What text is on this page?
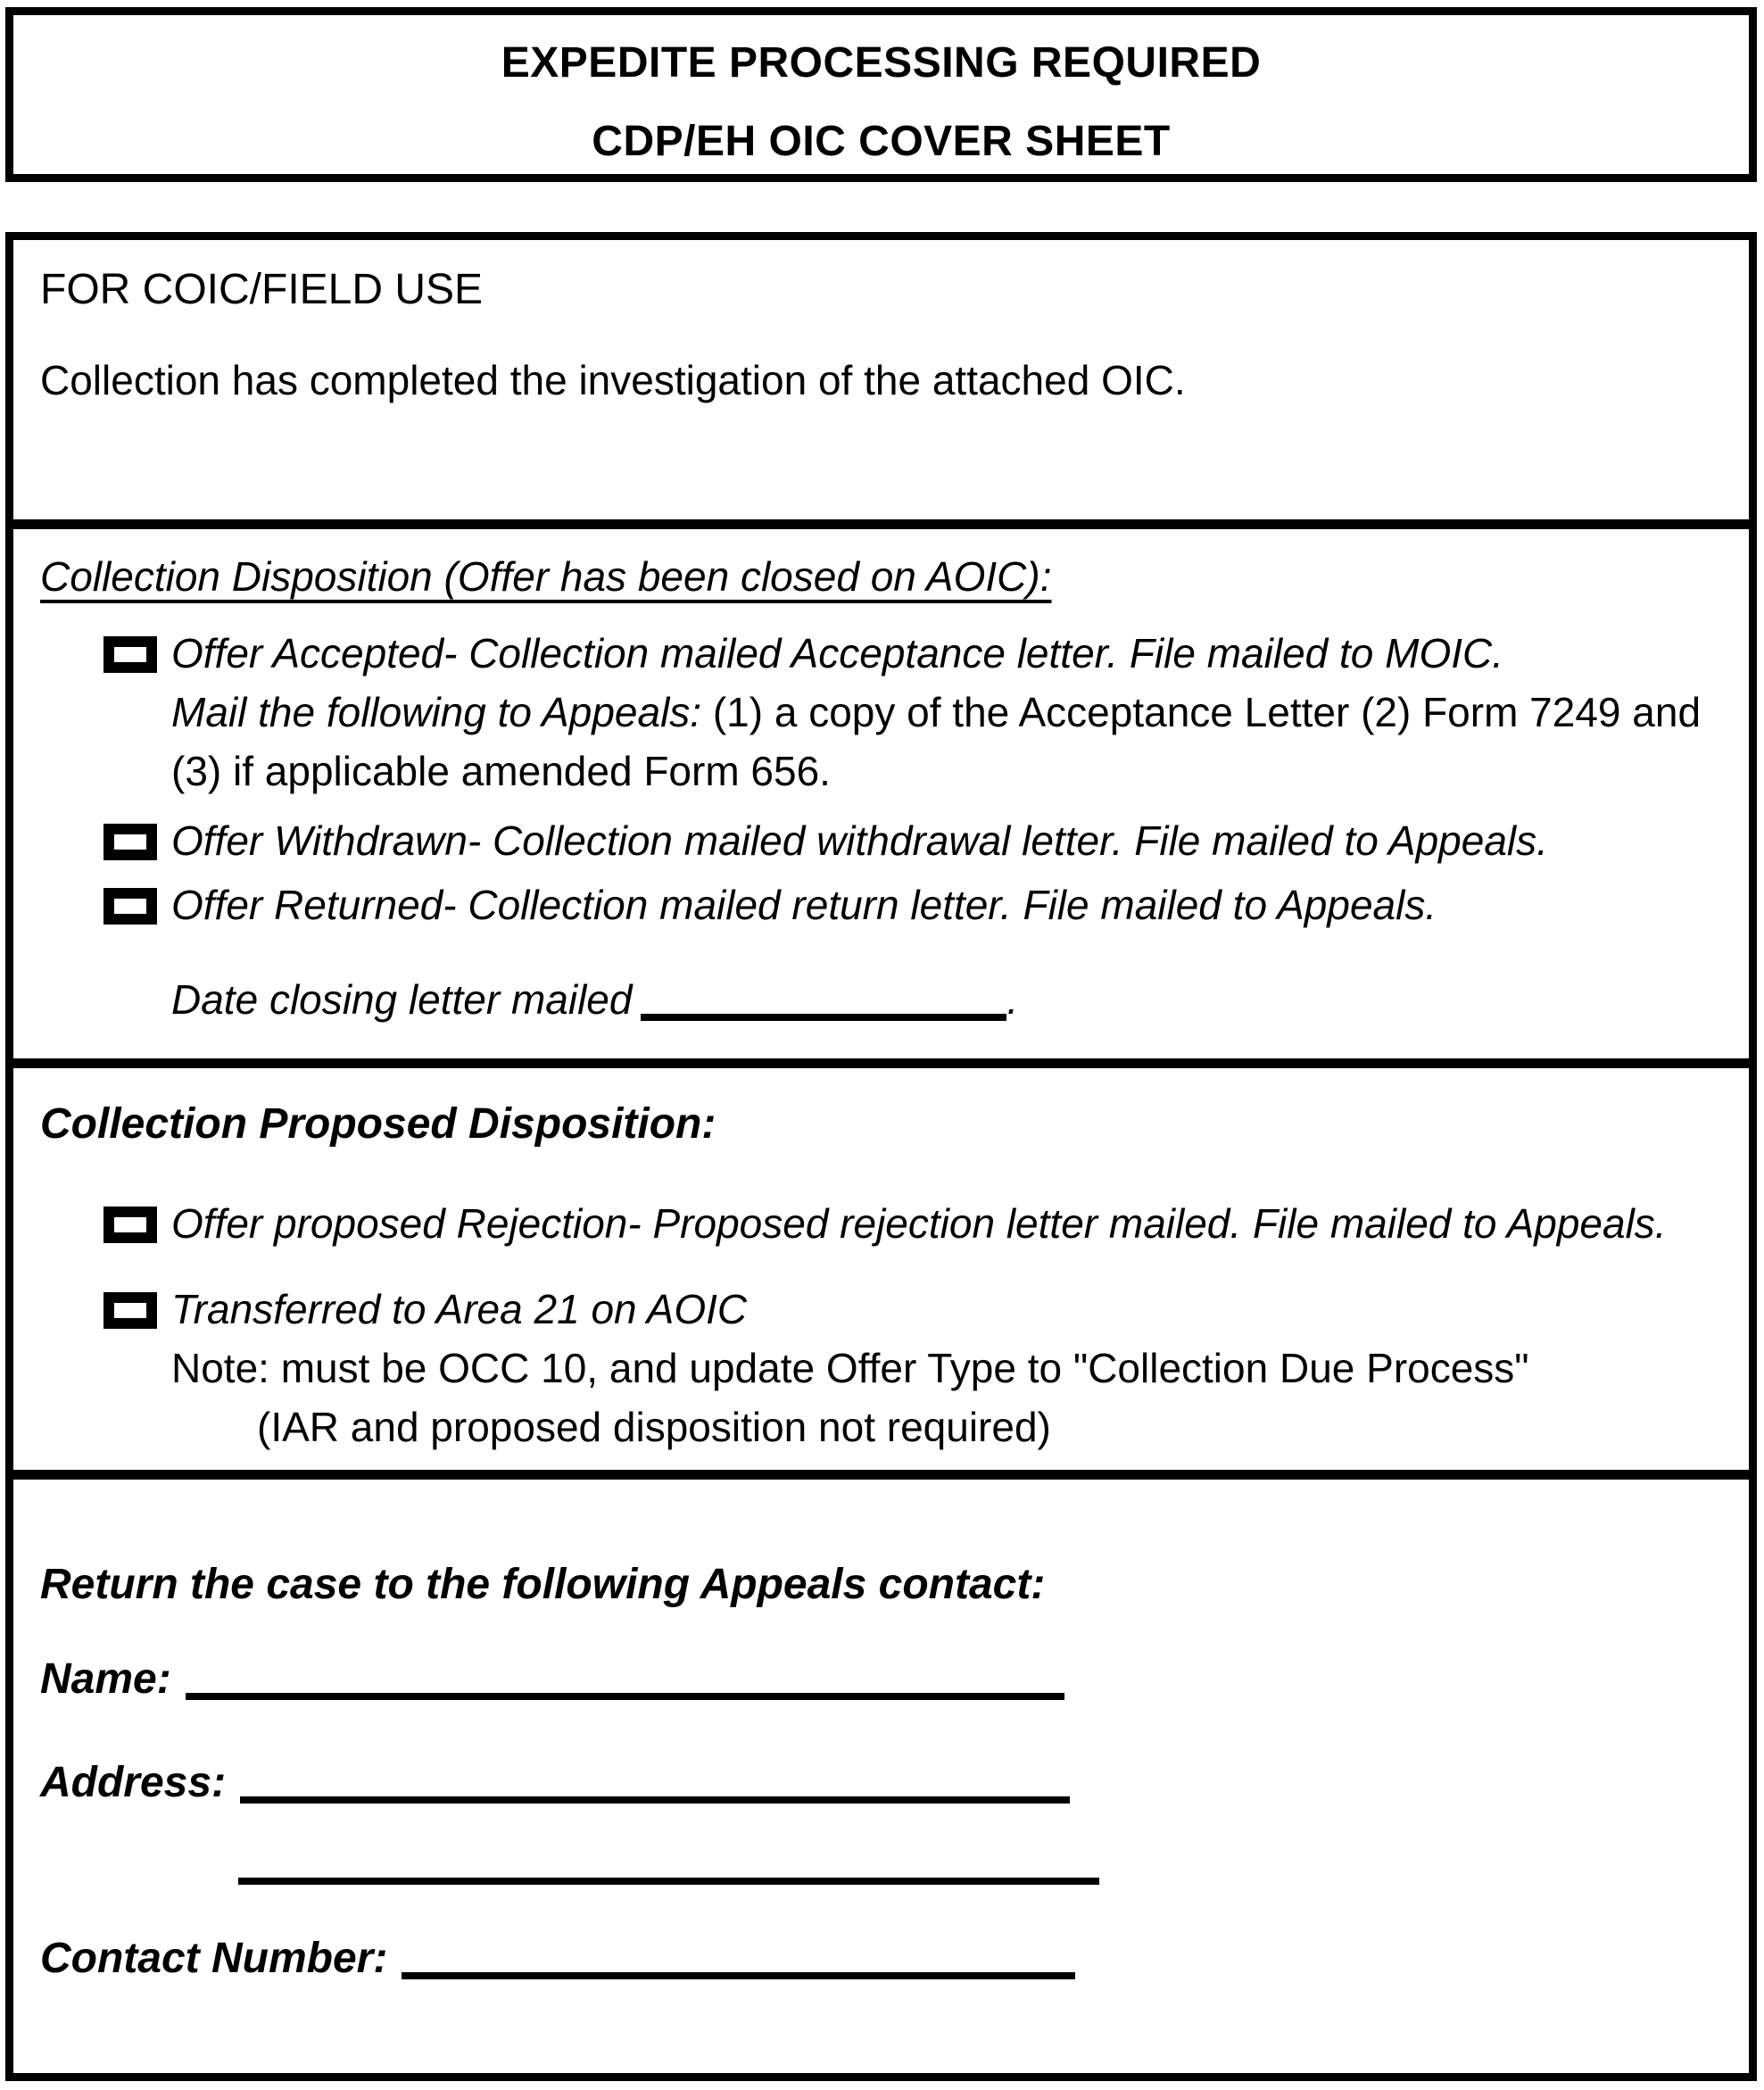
EXPEDITE PROCESSING REQUIRED
CDP/EH OIC COVER SHEET
FOR COIC/FIELD USE
Collection has completed the investigation of the attached OIC.
Collection Disposition (Offer has been closed on AOIC):
Offer Accepted- Collection mailed Acceptance letter. File mailed to MOIC.
Mail the following to Appeals: (1) a copy of the Acceptance Letter (2) Form 7249 and
(3) if applicable amended Form 656.
Offer Withdrawn- Collection mailed withdrawal letter. File mailed to Appeals.
Offer Returned- Collection mailed return letter. File mailed to Appeals.
Date closing letter mailed	.
Collection Proposed Disposition:
Offer proposed Rejection- Proposed rejection letter mailed. File mailed to Appeals.
Transferred to Area 21 on AOIC
Note: must be OCC 10, and update Offer Type to "Collection Due Process"
(IAR and proposed disposition not required)
Return the case to the following Appeals contact:
Name:
Address:
Contact Number:
